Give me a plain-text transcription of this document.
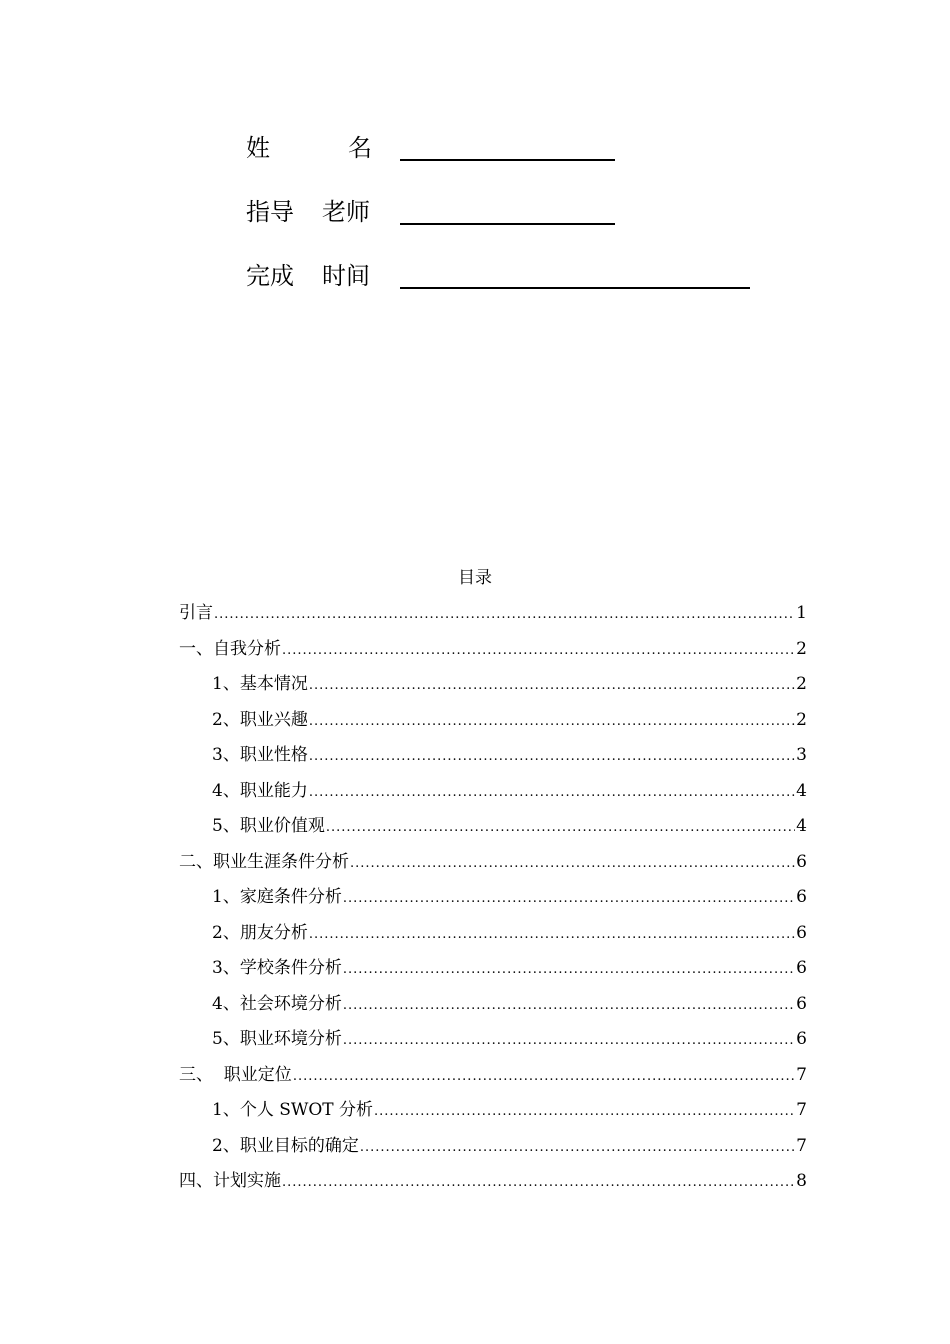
姓	名
指导 老师
完成 时间
目录
引言 .....	1
一、自我分析 .....	2
1、基本情况 .....	2
2、职业兴趣 .....	2
3、职业性格 .....	3
4、职业能力 .....	4
5、职业价值观 .....	4
二、职业生涯条件分析 .....	6
1、家庭条件分析 .....	6
2、朋友分析 .....	6
3、学校条件分析 .....	6
4、社会环境分析 .....	6
5、职业环境分析 .....	6
三、  职业定位 .....	7
1、个人 SWOT 分析 .....	7
2、职业目标的确定 .....	7
四、计划实施 .....	8
